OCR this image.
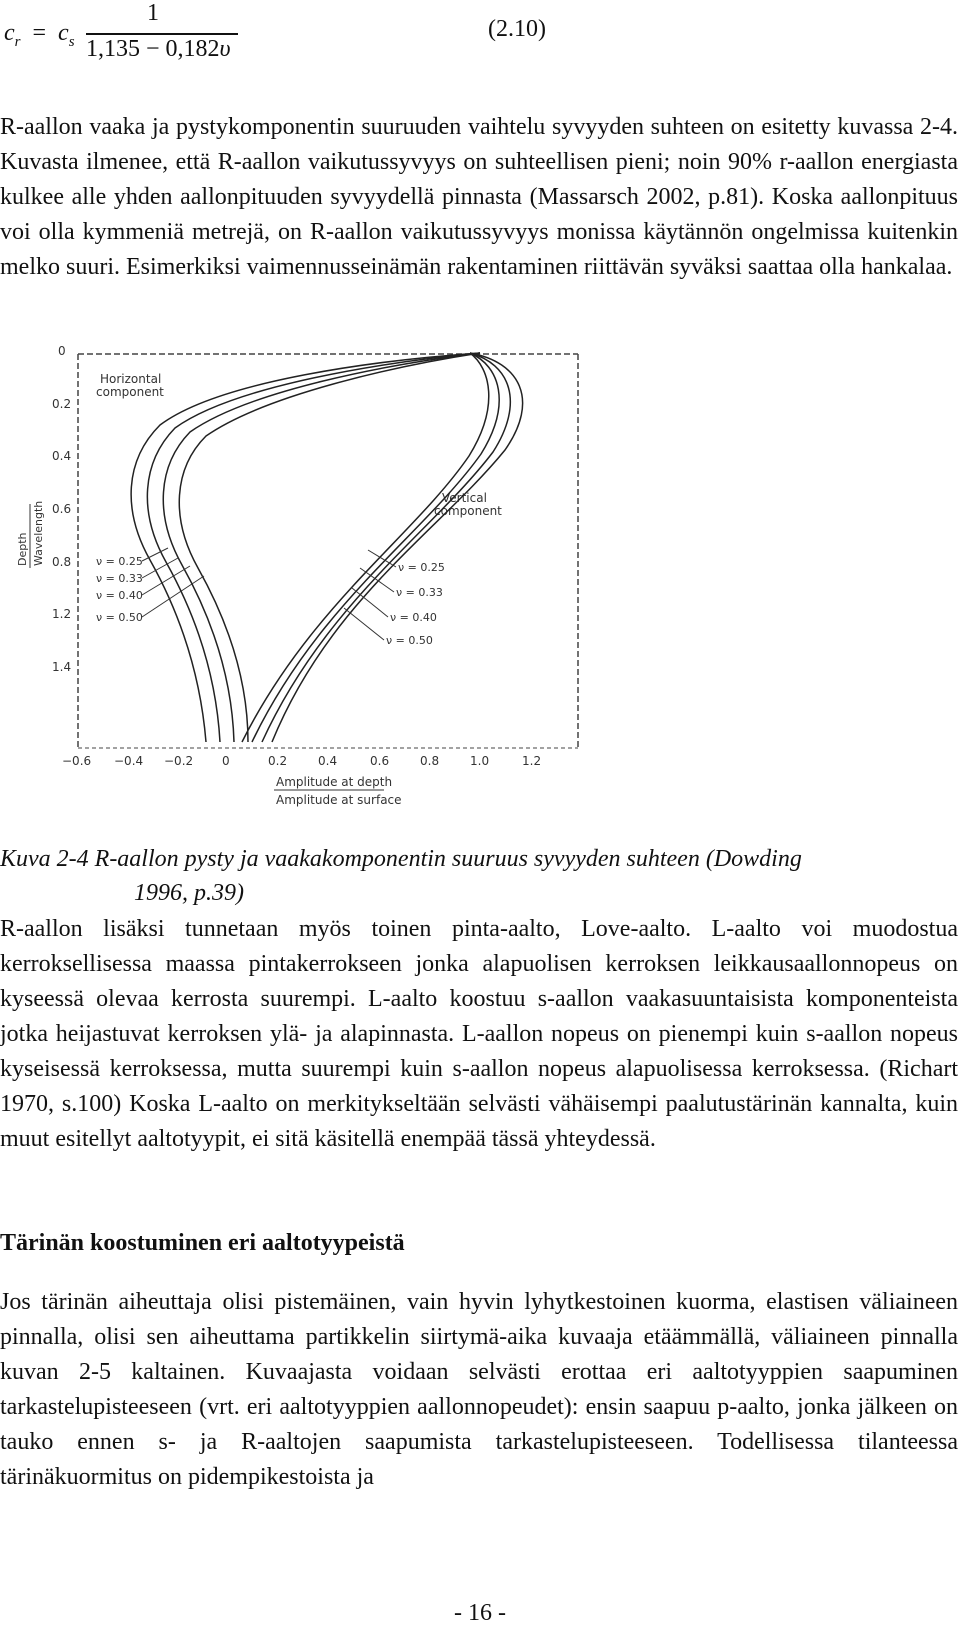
$c_r = c_s$
1
1,135 − 0,182υ
(2.10)

R-aallon vaaka ja pystykomponentin suuruuden vaihtelu syvyyden suhteen on esitetty kuvassa 2-4. Kuvasta ilmenee, että R-aallon vaikutussyvyys on suhteellisen pieni; noin 90% r-aallon energiasta kulkee alle yhden aallonpituuden syvyydellä pinnasta (Massarsch 2002, p.81). Koska aallonpituus voi olla kymmeniä metrejä, on R-aallon vaikutussyvyys monissa käytännön ongelmissa kuitenkin melko suuri. Esimerkiksi vaimennusseinämän rakentaminen riittävän syväksi saattaa olla hankalaa.

0
0.2
0.4
0.6
0.8
1.2
1.4
−0.6 −0.4 −0.2 0	0.2	0.4	0.6	0.8	1.0	1.2
Amplitude at depth
Amplitude at surface
Depth Wavelength
Horizontal
component
Vertical
component
ν = 0.25
ν = 0.33
ν = 0.40
ν = 0.50
ν = 0.25
ν = 0.33
ν = 0.40
ν = 0.50

Kuva 2-4 R-aallon pysty ja vaakakomponentin suuruus syvyyden suhteen (Dowding
1996, p.39)

R-aallon lisäksi tunnetaan myös toinen pinta-aalto, Love-aalto. L-aalto voi muodostua kerroksellisessa maassa pintakerrokseen jonka alapuolisen kerroksen leikkausaallonnopeus on kyseessä olevaa kerrosta suurempi. L-aalto koostuu s-aallon vaakasuuntaisista komponenteista jotka heijastuvat kerroksen ylä- ja alapinnasta. L-aallon nopeus on pienempi kuin s-aallon nopeus kyseisessä kerroksessa, mutta suurempi kuin s-aallon nopeus alapuolisessa kerroksessa. (Richart 1970, s.100) Koska L-aalto on merkitykseltään selvästi vähäisempi paalutustärinän kannalta, kuin muut esitellyt aaltotyypit, ei sitä käsitellä enempää tässä yhteydessä.

Tärinän koostuminen eri aaltotyypeistä

Jos tärinän aiheuttaja olisi pistemäinen, vain hyvin lyhytkestoinen kuorma, elastisen väliaineen pinnalla, olisi sen aiheuttama partikkelin siirtymä-aika kuvaaja etäämmällä, väliaineen pinnalla kuvan 2-5 kaltainen. Kuvaajasta voidaan selvästi erottaa eri aaltotyyppien saapuminen tarkastelupisteeseen (vrt. eri aaltotyyppien aallonnopeudet): ensin saapuu p-aalto, jonka jälkeen on tauko ennen s- ja R-aaltojen saapumista tarkastelupisteeseen. Todellisessa tilanteessa tärinäkuormitus on pidempikestoista ja

- 16 -
